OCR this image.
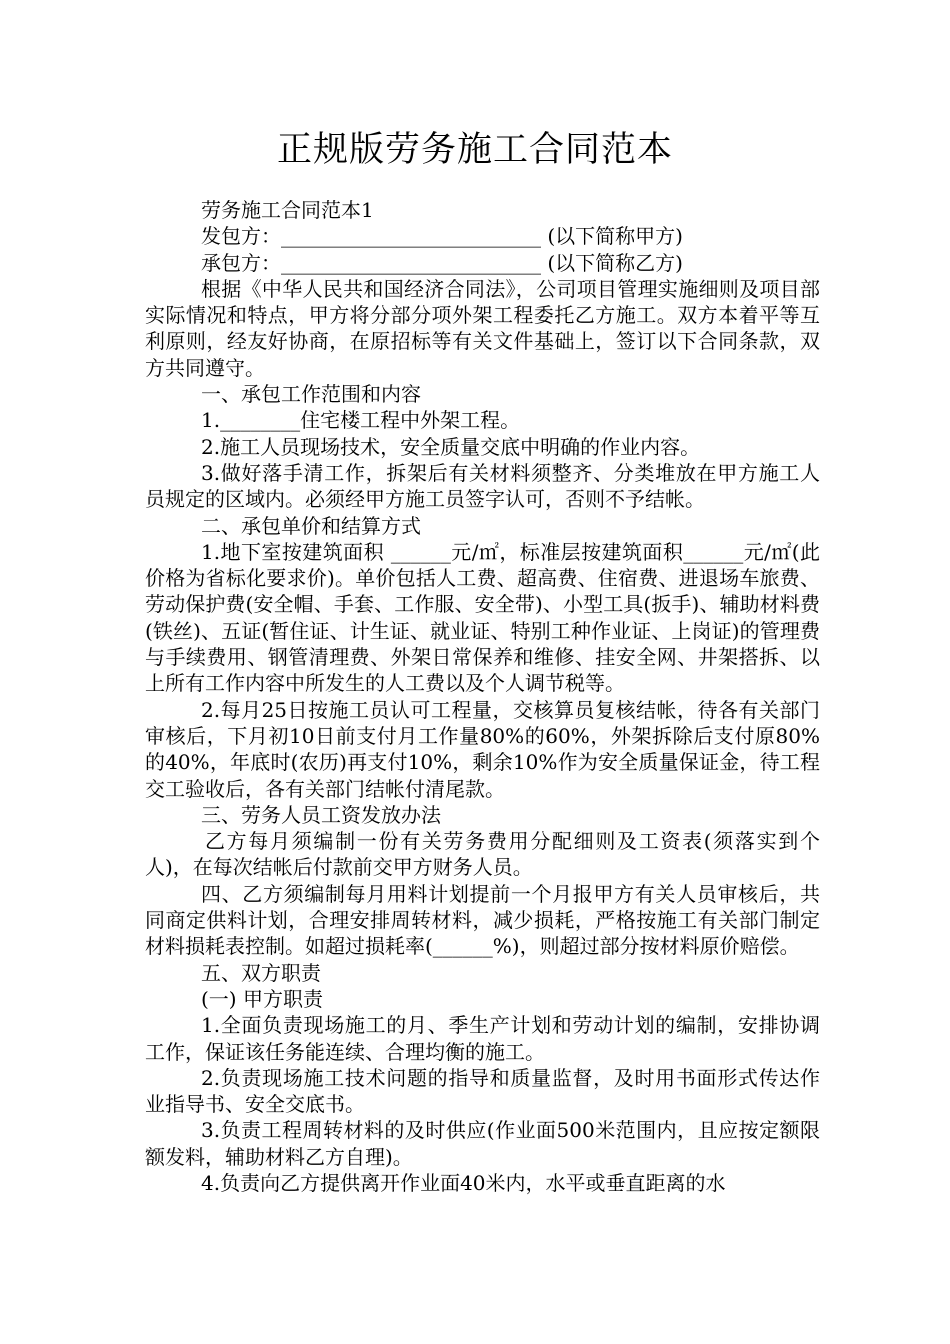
正规版劳务施工合同范本

劳务施工合同范本1

发包方：__________________________ (以下简称甲方)

承包方：__________________________ (以下简称乙方)

根据《中华人民共和国经济合同法》，公司项目管理实施细则及项目部实际情况和特点，甲方将分部分项外架工程委托乙方施工。双方本着平等互利原则，经友好协商，在原招标等有关文件基础上，签订以下合同条款，双方共同遵守。

一、承包工作范围和内容

1.________住宅楼工程中外架工程。

2.施工人员现场技术，安全质量交底中明确的作业内容。

3.做好落手清工作，拆架后有关材料须整齐、分类堆放在甲方施工人员规定的区域内。必须经甲方施工员签字认可，否则不予结帐。

二、承包单价和结算方式

1.地下室按建筑面积 ______元/㎡，标准层按建筑面积______元/㎡(此价格为省标化要求价)。单价包括人工费、超高费、住宿费、进退场车旅费、劳动保护费(安全帽、手套、工作服、安全带)、小型工具(扳手)、辅助材料费(铁丝)、五证(暂住证、计生证、就业证、特别工种作业证、上岗证)的管理费与手续费用、钢管清理费、外架日常保养和维修、挂安全网、井架搭拆、以上所有工作内容中所发生的人工费以及个人调节税等。

2.每月25日按施工员认可工程量，交核算员复核结帐，待各有关部门审核后，下月初10日前支付月工作量80%的60%，外架拆除后支付原80%的40%，年底时(农历)再支付10%，剩余10%作为安全质量保证金，待工程交工验收后，各有关部门结帐付清尾款。

三、劳务人员工资发放办法

乙方每月须编制一份有关劳务费用分配细则及工资表(须落实到个人)，在每次结帐后付款前交甲方财务人员。

四、乙方须编制每月用料计划提前一个月报甲方有关人员审核后，共同商定供料计划，合理安排周转材料，减少损耗，严格按施工有关部门制定材料损耗表控制。如超过损耗率(______%)，则超过部分按材料原价赔偿。

五、双方职责

(一) 甲方职责

1.全面负责现场施工的月、季生产计划和劳动计划的编制，安排协调工作，保证该任务能连续、合理均衡的施工。

2.负责现场施工技术问题的指导和质量监督，及时用书面形式传达作业指导书、安全交底书。

3.负责工程周转材料的及时供应(作业面500米范围内，且应按定额限额发料，辅助材料乙方自理)。

4.负责向乙方提供离开作业面40米内，水平或垂直距离的水
